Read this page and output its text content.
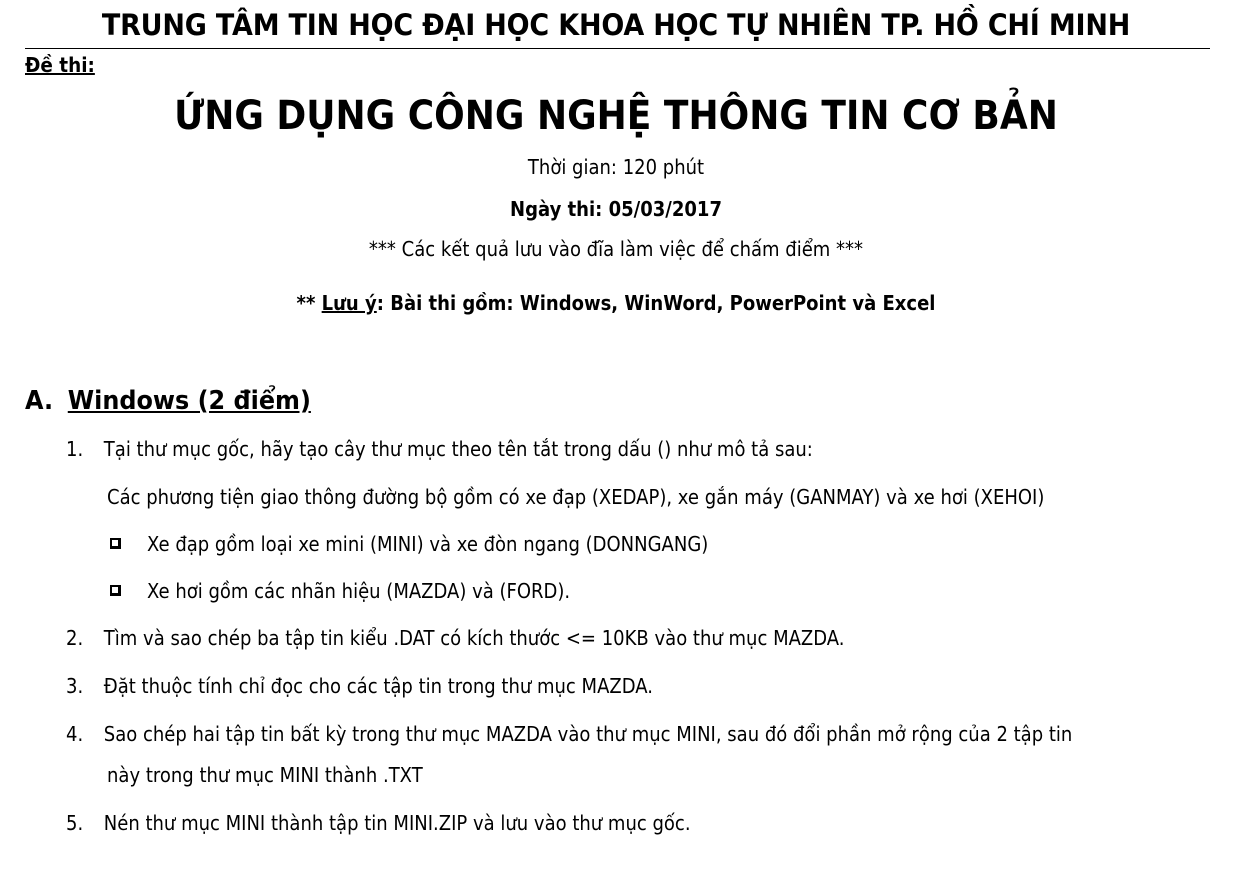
TRUNG TÂM TIN HỌC ĐẠI HỌC KHOA HỌC TỰ NHIÊN TP. HỒ CHÍ MINH
Đề thi:
ỨNG DỤNG CÔNG NGHỆ THÔNG TIN CƠ BẢN
Thời gian: 120 phút
Ngày thi: 05/03/2017
*** Các kết quả lưu vào đĩa làm việc để chấm điểm ***
** Lưu ý: Bài thi gồm: Windows, WinWord, PowerPoint và Excel
A. Windows (2 điểm)
1. Tại thư mục gốc, hãy tạo cây thư mục theo tên tắt trong dấu () như mô tả sau:
Các phương tiện giao thông đường bộ gồm có xe đạp (XEDAP), xe gắn máy (GANMAY) và xe hơi (XEHOI)
Xe đạp gồm loại xe mini (MINI) và xe đòn ngang (DONNGANG)
Xe hơi gồm các nhãn hiệu (MAZDA) và (FORD).
2. Tìm và sao chép ba tập tin kiểu .DAT có kích thước <= 10KB vào thư mục MAZDA.
3. Đặt thuộc tính chỉ đọc cho các tập tin trong thư mục MAZDA.
4. Sao chép hai tập tin bất kỳ trong thư mục MAZDA vào thư mục MINI, sau đó đổi phần mở rộng của 2 tập tin
này trong thư mục MINI thành .TXT
5. Nén thư mục MINI thành tập tin MINI.ZIP và lưu vào thư mục gốc.
